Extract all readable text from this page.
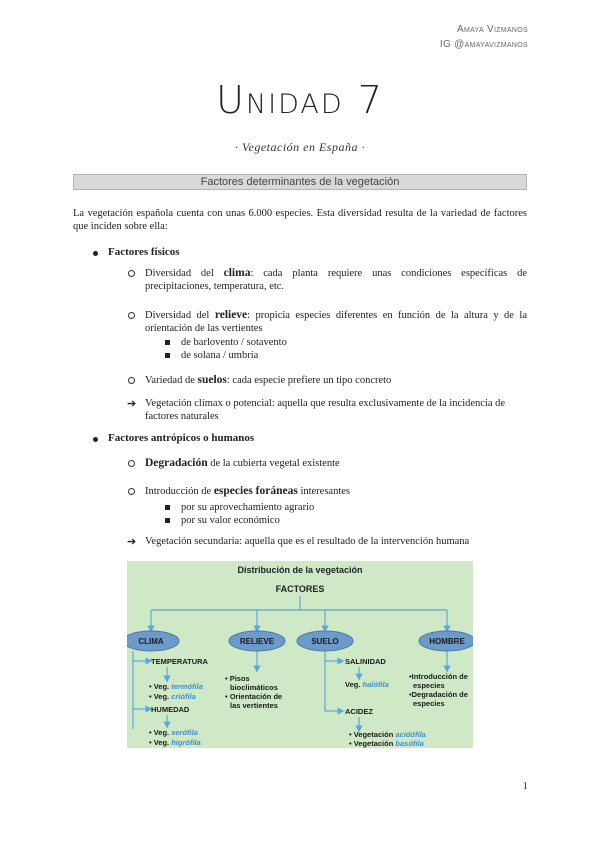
Amaya Vizmanos
IG @amayavizmanos
Unidad 7
· Vegetación en España ·
Factores determinantes de la vegetación
La vegetación española cuenta con unas 6.000 especies. Esta diversidad resulta de la variedad de factores que inciden sobre ella:
Factores físicos
Diversidad del clima: cada planta requiere unas condiciones específicas de precipitaciones, temperatura, etc.
Diversidad del relieve: propicia especies diferentes en función de la altura y de la orientación de las vertientes
de barlovento / sotavento
de solana / umbría
Variedad de suelos: cada especie prefiere un tipo concreto
➔ Vegetación clímax o potencial: aquella que resulta exclusivamente de la incidencia de factores naturales
Factores antrópicos o humanos
Degradación de la cubierta vegetal existente
Introducción de especies foráneas interesantes
por su aprovechamiento agrario
por su valor económico
➔ Vegetación secundaria: aquella que es el resultado de la intervención humana
Distribución de la vegetación
FACTORES
CLIMA	RELIEVE	SUELO	HOMBRE
TEMPERATURA
• Veg. termófila
• Veg. criófila
HUMEDAD
• Veg. xerófila
• Veg. higrófila
• Pisos
bioclimáticos
• Orientación de
las vertientes
SALINIDAD
Veg. halófila
ACIDEZ
• Vegetación acidófila
• Vegetación basófila
•Introducción de
especies
•Degradación de
especies
1
